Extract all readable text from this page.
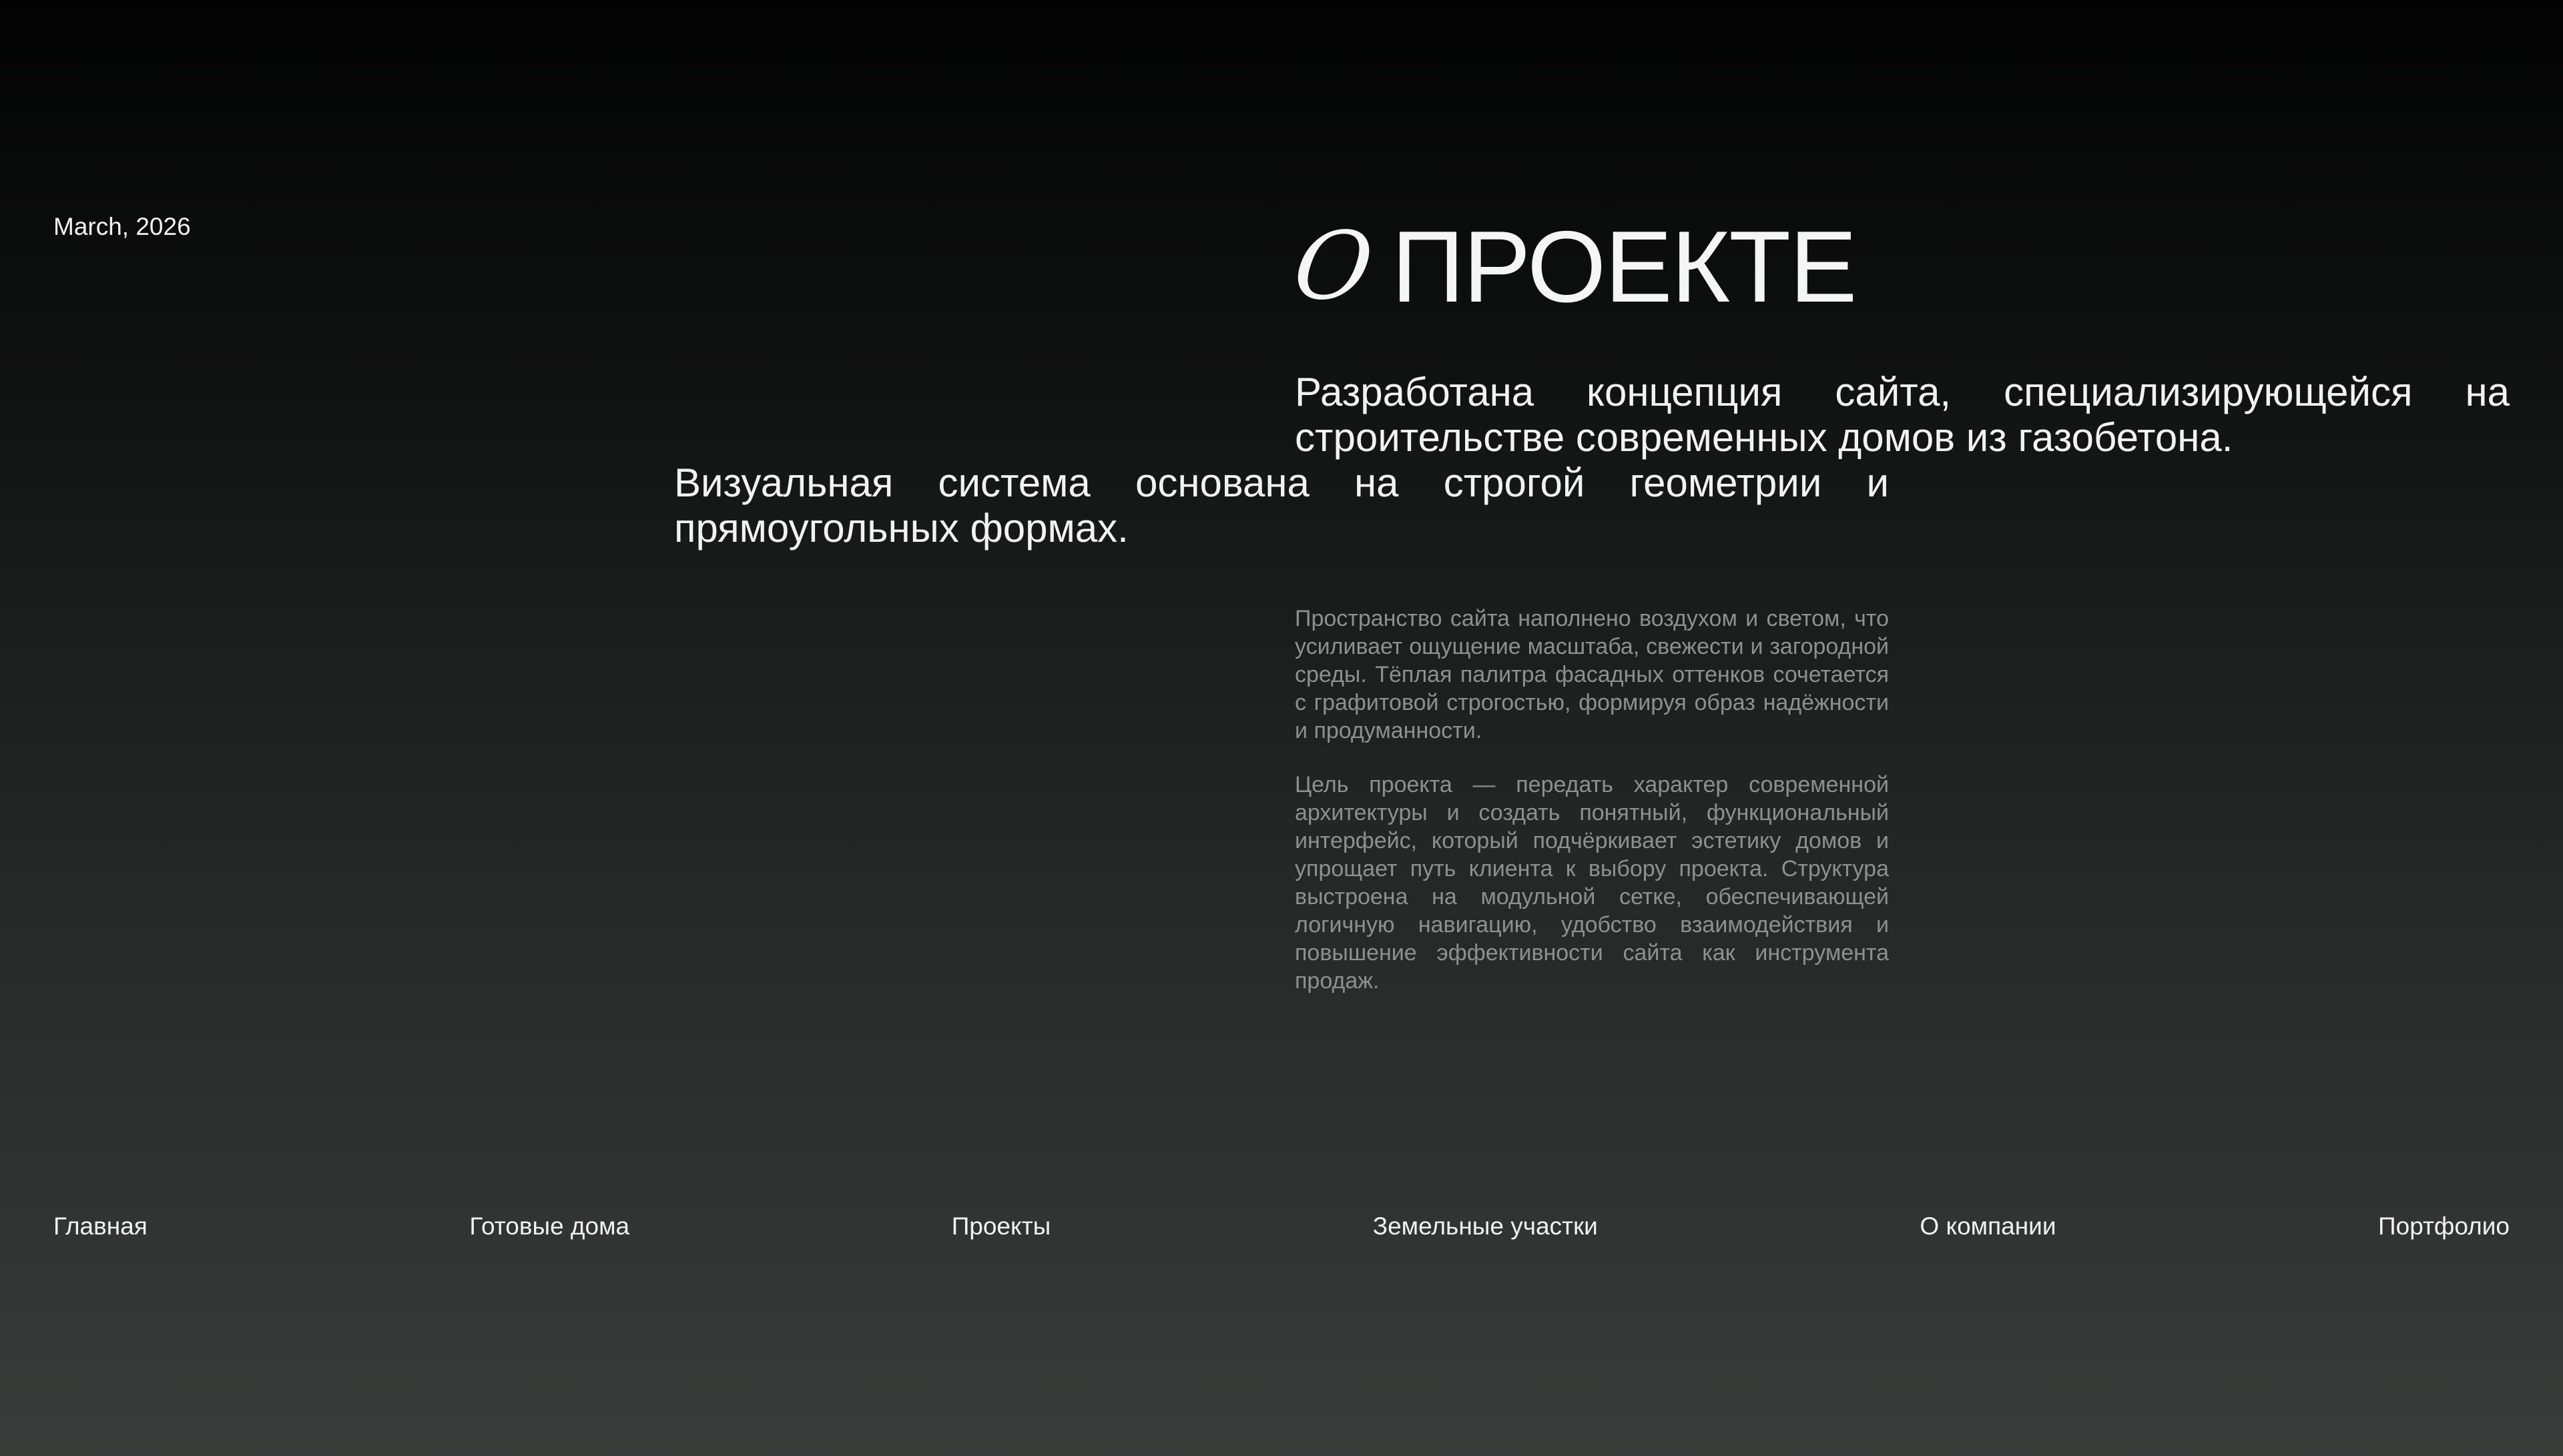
March, 2026	О ПРОЕКТЕ
Разработана концепция сайта, специализирующейся на строительстве современных домов из газобетона.
Визуальная система основана на строгой геометрии и прямоугольных формах.

Пространство сайта наполнено воздухом и светом, что усиливает ощущение масштаба, свежести и загородной среды. Тёплая палитра фасадных оттенков сочетается с графитовой строгостью, формируя образ надёжности и продуманности.

Цель проекта — передать характер современной архитектуры и создать понятный, функциональный интерфейс, который подчёркивает эстетику домов и упрощает путь клиента к выбору проекта. Структура выстроена на модульной сетке, обеспечивающей логичную навигацию, удобство взаимодействия и повышение эффективности сайта как инструмента продаж.

Главная	Готовые дома	Проекты	Земельные участки	О компании	Портфолио
